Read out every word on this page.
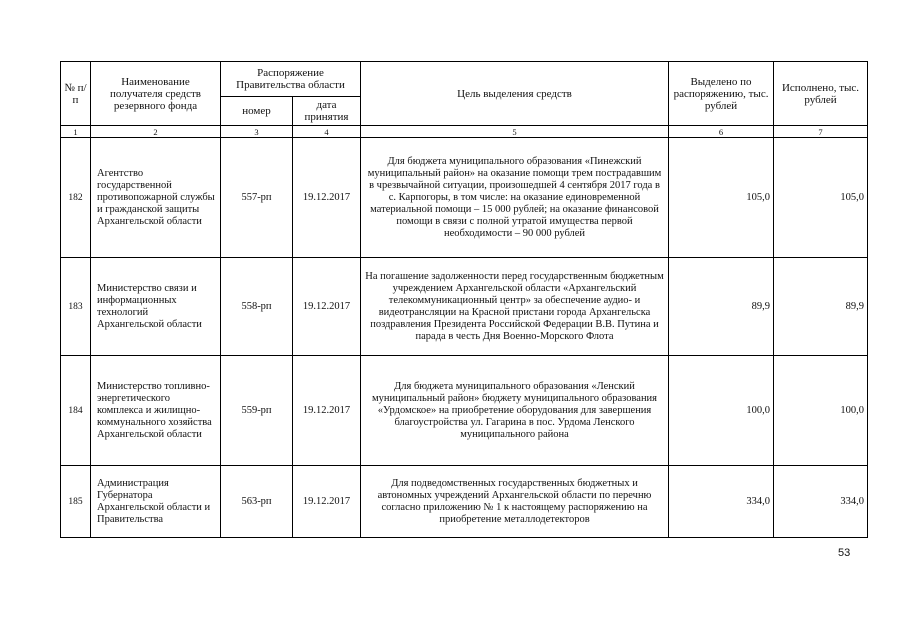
№ п/п	Наименование получателя средств резервного фонда	Распоряжение Правительства области		Цель выделения средств	Выделено по распоряжению, тыс. рублей	Исполнено, тыс. рублей
		номер	дата принятия			
1	2	3	4	5	6	7
182	Агентство государственной противопожарной службы и гражданской защиты Архангельской области	557-рп	19.12.2017	Для бюджета муниципального образования «Пинежский муниципальный район» на оказание помощи трем пострадавшим в чрезвычайной ситуации, произошедшей 4 сентября 2017 года в с. Карпогоры, в том числе: на оказание единовременной материальной помощи – 15 000 рублей; на оказание финансовой помощи в связи с полной утратой имущества первой необходимости – 90 000 рублей	105,0	105,0
183	Министерство связи и информационных технологий Архангельской области	558-рп	19.12.2017	На погашение задолженности перед государственным бюджетным учреждением Архангельской области «Архангельский телекоммуникационный центр» за обеспечение аудио- и видеотрансляции на Красной пристани города Архангельска поздравления Президента Российской Федерации В.В. Путина и парада в честь Дня Военно-Морского Флота	89,9	89,9
184	Министерство топливно-энергетического комплекса и жилищно-коммунального хозяйства Архангельской области	559-рп	19.12.2017	Для бюджета муниципального образования «Ленский муниципальный район» бюджету муниципального образования «Урдомское» на приобретение оборудования для завершения благоустройства ул. Гагарина в пос. Урдома Ленского муниципального района	100,0	100,0
185	Администрация Губернатора Архангельской области и Правительства	563-рп	19.12.2017	Для подведомственных государственных бюджетных и автономных учреждений Архангельской области по перечню согласно приложению № 1 к настоящему распоряжению на приобретение металлодетекторов	334,0	334,0
53
